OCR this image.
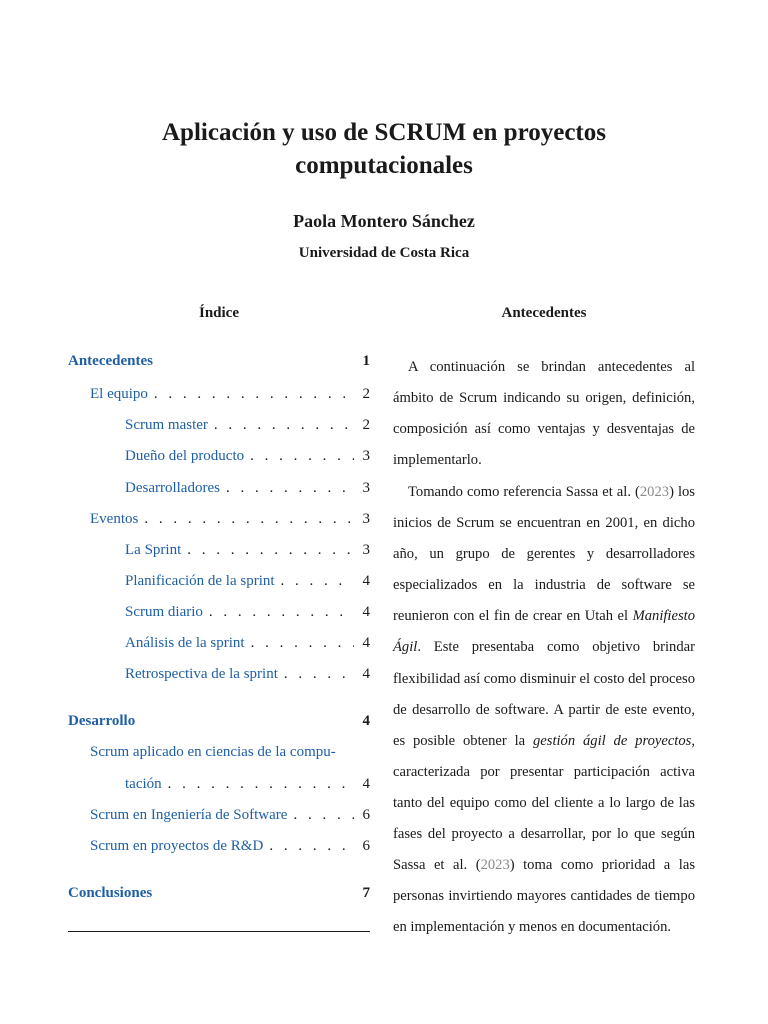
Aplicación y uso de SCRUM en proyectos
computacionales
Paola Montero Sánchez
Universidad de Costa Rica
Índice
Antecedentes	1
El equipo . . .	2
Scrum master . . .	2
Dueño del producto . . .	3
Desarrolladores . . .	3
Eventos . . .	3
La Sprint . . .	3
Planificación de la sprint . . .	4
Scrum diario . . .	4
Análisis de la sprint . . .	4
Retrospectiva de la sprint . . .	4
Desarrollo	4
Scrum aplicado en ciencias de la compu-
tación . . .	4
Scrum en Ingeniería de Software . . .	6
Scrum en proyectos de R&D . . .	6
Conclusiones	7
Antecedentes

A continuación se brindan antecedentes al ámbito de Scrum indicando su origen, definición, composición así como ventajas y desventajas de implementarlo.

Tomando como referencia Sassa et al. (2023) los inicios de Scrum se encuentran en 2001, en dicho año, un grupo de gerentes y desarrolladores especializados en la industria de software se reunieron con el fin de crear en Utah el Manifiesto Ágil. Este presentaba como objetivo brindar flexibilidad así como disminuir el costo del proceso de desarrollo de software. A partir de este evento, es posible obtener la gestión ágil de proyectos, caracterizada por presentar participación activa tanto del equipo como del cliente a lo largo de las fases del proyecto a desarrollar, por lo que según Sassa et al. (2023) toma como prioridad a las personas invirtiendo mayores cantidades de tiempo en implementación y menos en documentación.
